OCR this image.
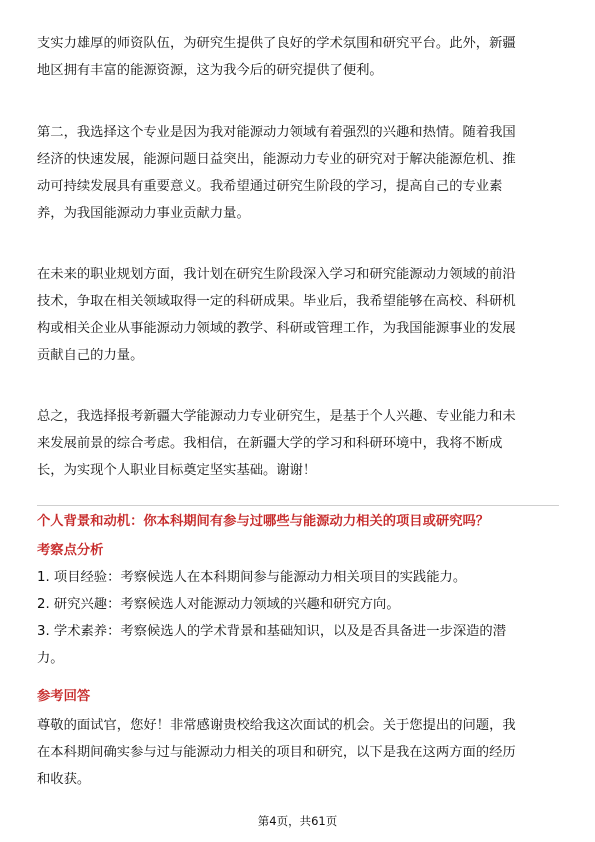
支实力雄厚的师资队伍，为研究生提供了良好的学术氛围和研究平台。此外，新疆
地区拥有丰富的能源资源，这为我今后的研究提供了便利。
第二，我选择这个专业是因为我对能源动力领域有着强烈的兴趣和热情。随着我国
经济的快速发展，能源问题日益突出，能源动力专业的研究对于解决能源危机、推
动可持续发展具有重要意义。我希望通过研究生阶段的学习，提高自己的专业素
养，为我国能源动力事业贡献力量。
在未来的职业规划方面，我计划在研究生阶段深入学习和研究能源动力领域的前沿
技术，争取在相关领域取得一定的科研成果。毕业后，我希望能够在高校、科研机
构或相关企业从事能源动力领域的教学、科研或管理工作，为我国能源事业的发展
贡献自己的力量。
总之，我选择报考新疆大学能源动力专业研究生，是基于个人兴趣、专业能力和未
来发展前景的综合考虑。我相信，在新疆大学的学习和科研环境中，我将不断成
长，为实现个人职业目标奠定坚实基础。谢谢！
个人背景和动机：你本科期间有参与过哪些与能源动力相关的项目或研究吗？
考察点分析
1. 项目经验：考察候选人在本科期间参与能源动力相关项目的实践能力。
2. 研究兴趣：考察候选人对能源动力领域的兴趣和研究方向。
3. 学术素养：考察候选人的学术背景和基础知识，以及是否具备进一步深造的潜
力。
参考回答
尊敬的面试官，您好！非常感谢贵校给我这次面试的机会。关于您提出的问题，我
在本科期间确实参与过与能源动力相关的项目和研究，以下是我在这两方面的经历
和收获。
第4页，共61页
